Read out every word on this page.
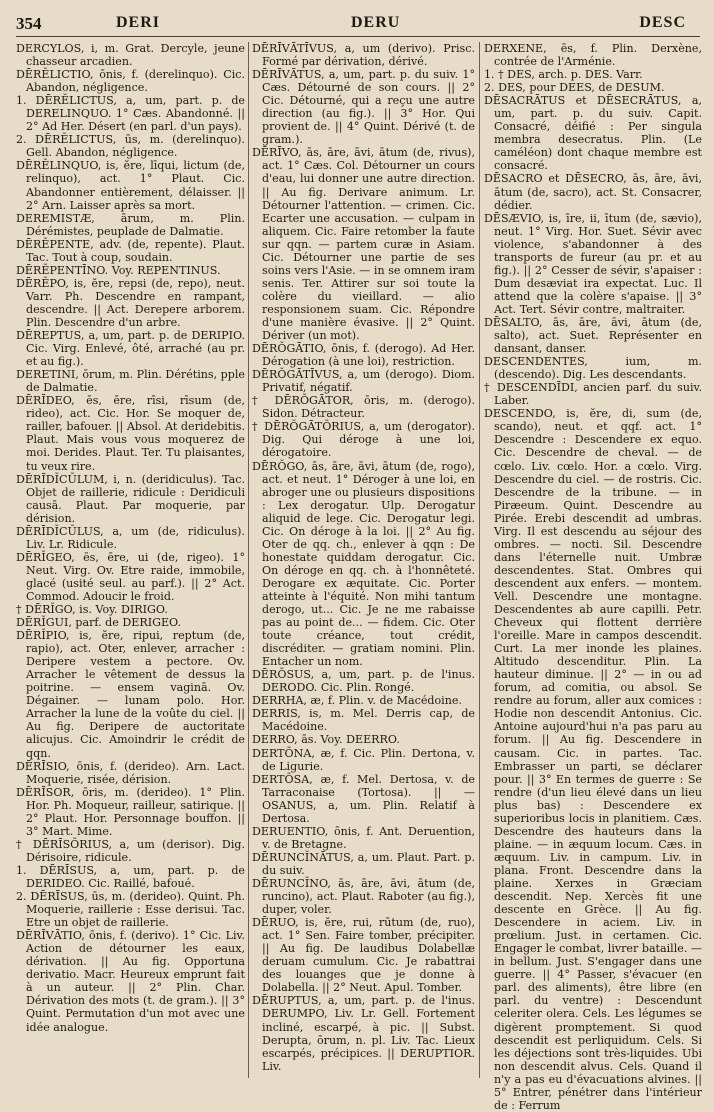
354	DERI	DERU	DESC

DERCYLOS, i, m. Grat. Dercyle, jeune chasseur arcadien.

DĒRĔLICTIO, ōnis, f. (derelinquo). Cic. Abandon, négligence.

1. DĒRĔLICTUS, a, um, part. p. de DERELINQUO. 1° Cæs. Abandonné. || 2° Ad Her. Désert (en parl. d'un pays).

2. DĒRĔLICTUS, ūs, m. (derelinquo). Gell. Abandon, négligence.

DĒRĔLINQUO, is, ĕre, līqui, lictum (de, relinquo), act. 1° Plaut. Cic. Abandonner entièrement, délaisser. || 2° Arn. Laisser après sa mort.

DEREMISTÆ, ārum, m. Plin. Dérémistes, peuplade de Dalmatie.

DĒRĔPENTE, adv. (de, repente). Plaut. Tac. Tout à coup, soudain.

DĒRĔPENTĪNO. Voy. REPENTINUS.

DĒRĔPO, is, ĕre, repsi (de, repo), neut. Varr. Ph. Descendre en rampant, descendre. || Act. Derepere arborem. Plin. Descendre d'un arbre.

DĒREPTUS, a, um, part. p. de DERIPIO. Cic. Virg. Enlevé, ôté, arraché (au pr. et au fig.).

DERETINI, ōrum, m. Plin. Dérétins, pple de Dalmatie.

DĒRĪDEO, ēs, ēre, rīsi, rīsum (de, rideo), act. Cic. Hor. Se moquer de, railler, bafouer. || Absol. At deridebitis. Plaut. Mais vous vous moquerez de moi. Derides. Plaut. Ter. Tu plaisantes, tu veux rire.

DĒRĪDĬCŬLUM, i, n. (deridiculus). Tac. Objet de raillerie, ridicule : Deridiculi causā. Plaut. Par moquerie, par dérision.

DĒRĪDĬCŬLUS, a, um (de, ridiculus). Liv. Lr. Ridicule.

DĒRĬGEO, ēs, ēre, ui (de, rigeo). 1° Neut. Virg. Ov. Etre raide, immobile, glacé (usité seul. au parf.). || 2° Act. Commod. Adoucir le froid.

† DĒRĬGO, is. Voy. DIRIGO.

DĒRĬGUI, parf. de DERIGEO.

DĒRĬPIO, is, ĕre, ripui, reptum (de, rapio), act. Oter, enlever, arracher : Deripere vestem a pectore. Ov. Arracher le vêtement de dessus la poitrine. — ensem vaginā. Ov. Dégainer. — lunam polo. Hor. Arracher la lune de la voûte du ciel. || Au fig. Deripere de auctoritate alicujus. Cic. Amoindrir le crédit de qqn.

DĒRĪSIO, ōnis, f. (derideo). Arn. Lact. Moquerie, risée, dérision.

DĒRĪSOR, ōris, m. (derideo). 1° Plin. Hor. Ph. Moqueur, railleur, satirique. || 2° Plaut. Hor. Personnage bouffon. || 3° Mart. Mime.

† DĒRĪSŌRIUS, a, um (derisor). Dig. Dérisoire, ridicule.

1. DĒRĪSUS, a, um, part. p. de DERIDEO. Cic. Raillé, bafoué.

2. DĒRĪSUS, ūs, m. (derideo). Quint. Ph. Moquerie, raillerie : Esse derisui. Tac. Etre un objet de raillerie.

DĒRĪVĀTIO, ōnis, f. (derivo). 1° Cic. Liv. Action de détourner les eaux, dérivation. || Au fig. Opportuna derivatio. Macr. Heureux emprunt fait à un auteur. || 2° Plin. Char. Dérivation des mots (t. de gram.). || 3° Quint. Permutation d'un mot avec une idée analogue.

DĒRĪVĀTĪVUS, a, um (derivo). Prisc. Formé par dérivation, dérivé.

DĒRĪVĀTUS, a, um, part. p. du suiv. 1° Cæs. Détourné de son cours. || 2° Cic. Détourné, qui a reçu une autre direction (au fig.). || 3° Hor. Qui provient de. || 4° Quint. Dérivé (t. de gram.).

DĒRĪVO, ās, āre, āvi, ātum (de, rivus), act. 1° Cæs. Col. Détourner un cours d'eau, lui donner une autre direction. || Au fig. Derivare animum. Lr. Détourner l'attention. — crimen. Cic. Ecarter une accusation. — culpam in aliquem. Cic. Faire retomber la faute sur qqn. — partem curæ in Asiam. Cic. Détourner une partie de ses soins vers l'Asie. — in se omnem iram senis. Ter. Attirer sur soi toute la colère du vieillard. — alio responsionem suam. Cic. Répondre d'une manière évasive. || 2° Quint. Dériver (un mot).

DĒRŎGĀTIO, ōnis, f. (derogo). Ad Her. Dérogation (à une loi), restriction.

DĒRŎGĀTĪVUS, a, um (derogo). Diom. Privatif, négatif.

† DĒRŎGĀTOR, ōris, m. (derogo). Sidon. Détracteur.

† DĒRŎGĀTŌRIUS, a, um (derogator). Dig. Qui déroge à une loi, dérogatoire.

DĒRŎGO, ās, āre, āvi, ātum (de, rogo), act. et neut. 1° Déroger à une loi, en abroger une ou plusieurs dispositions : Lex derogatur. Ulp. Derogatur aliquid de lege. Cic. Derogatur legi. Cic. On déroge à la loi. || 2° Au fig. Oter de qq. ch., enlever à qqn : De honestate quiddam derogatur. Cic. On déroge en qq. ch. à l'honnêteté. Derogare ex æquitate. Cic. Porter atteinte à l'équité. Non mihi tantum derogo, ut... Cic. Je ne me rabaisse pas au point de... — fidem. Cic. Oter toute créance, tout crédit, discréditer. — gratiam nomini. Plin. Entacher un nom.

DĒRŌSUS, a, um, part. p. de l'inus. DERODO. Cic. Plin. Rongé.

DERRHA, æ, f. Plin. v. de Macédoine.

DERRIS, is, m. Mel. Derris cap, de Macédoine.

DERRO, ās. Voy. DEERRO.

DERTŌNA, æ, f. Cic. Plin. Dertona, v. de Ligurie.

DERTŌSA, æ, f. Mel. Dertosa, v. de Tarraconaise (Tortosa). || — OSANUS, a, um. Plin. Relatif à Dertosa.

DERUENTIO, ōnis, f. Ant. Deruention, v. de Bretagne.

DĒRUNCĬNĀTUS, a, um. Plaut. Part. p. du suiv.

DĒRUNCĬNO, ās, āre, āvi, ātum (de, runcino), act. Plaut. Raboter (au fig.), duper, voler.

DĒRUO, is, ĕre, rui, rūtum (de, ruo), act. 1° Sen. Faire tomber, précipiter. || Au fig. De laudibus Dolabellæ deruam cumulum. Cic. Je rabattrai des louanges que je donne à Dolabella. || 2° Neut. Apul. Tomber.

DĒRUPTUS, a, um, part. p. de l'inus. DERUMPO, Liv. Lr. Gell. Fortement incliné, escarpé, à pic. || Subst. Derupta, ōrum, n. pl. Liv. Tac. Lieux escarpés, précipices. || DERUPTIOR. Liv.

DERXENE, ēs, f. Plin. Derxène, contrée de l'Arménie.

1. † DES, arch. p. DES. Varr.

2. DES, pour DEES, de DESUM.

DĒSACRĀTUS et DĒSECRĀTUS, a, um, part. p. du suiv. Capit. Consacré, déifié : Per singula membra desecratus. Plin. (Le caméléon) dont chaque membre est consacré.

DĒSACRO et DĒSECRO, ās, āre, āvi, ātum (de, sacro), act. St. Consacrer, dédier.

DĒSÆVIO, is, īre, ii, ītum (de, sævio), neut. 1° Virg. Hor. Suet. Sévir avec violence, s'abandonner à des transports de fureur (au pr. et au fig.). || 2° Cesser de sévir, s'apaiser : Dum desæviat ira expectat. Luc. Il attend que la colère s'apaise. || 3° Act. Tert. Sévir contre, maltraiter.

DĒSALTO, ās, āre, āvi, ātum (de, salto), act. Suet. Représenter en dansant, danser.

DESCENDENTES, ium, m. (descendo). Dig. Les descendants.

† DESCENDĪDI, ancien parf. du suiv. Laber.

DESCENDO, is, ĕre, di, sum (de, scando), neut. et qqf. act. 1° Descendre : Descendere ex equo. Cic. Descendre de cheval. — de cœlo. Liv. cœlo. Hor. a cœlo. Virg. Descendre du ciel. — de rostris. Cic. Descendre de la tribune. — in Piræeum. Quint. Descendre au Pirée. Erebi descendit ad umbras. Virg. Il est descendu au séjour des ombres. — nocti. Sil. Descendre dans l'éternelle nuit. Umbræ descendentes. Stat. Ombres qui descendent aux enfers. — montem. Vell. Descendre une montagne. Descendentes ab aure capilli. Petr. Cheveux qui flottent derrière l'oreille. Mare in campos descendit. Curt. La mer inonde les plaines. Altitudo descenditur. Plin. La hauteur diminue. || 2° — in ou ad forum, ad comitia, ou absol. Se rendre au forum, aller aux comices : Hodie non descendit Antonius. Cic. Antoine aujourd'hui n'a pas paru au forum. || Au fig. Descendere in causam. Cic. in partes. Tac. Embrasser un parti, se déclarer pour. || 3° En termes de guerre : Se rendre (d'un lieu élevé dans un lieu plus bas) : Descendere ex superioribus locis in planitiem. Cæs. Descendre des hauteurs dans la plaine. — in æquum locum. Cæs. in æquum. Liv. in campum. Liv. in plana. Front. Descendre dans la plaine. Xerxes in Græciam descendit. Nep. Xercès fit une descente en Grèce. || Au fig. Descendere in aciem. Liv. in prœlium. Just. in certamen. Cic. Engager le combat, livrer bataille. — in bellum. Just. S'engager dans une guerre. || 4° Passer, s'évacuer (en parl. des aliments), être libre (en parl. du ventre) : Descendunt celeriter olera. Cels. Les légumes se digèrent promptement. Si quod descendit est perliquidum. Cels. Si les déjections sont très-liquides. Ubi non descendit alvus. Cels. Quand il n'y a pas eu d'évacuations alvines. || 5° Entrer, pénétrer dans l'intérieur de : Ferrum
